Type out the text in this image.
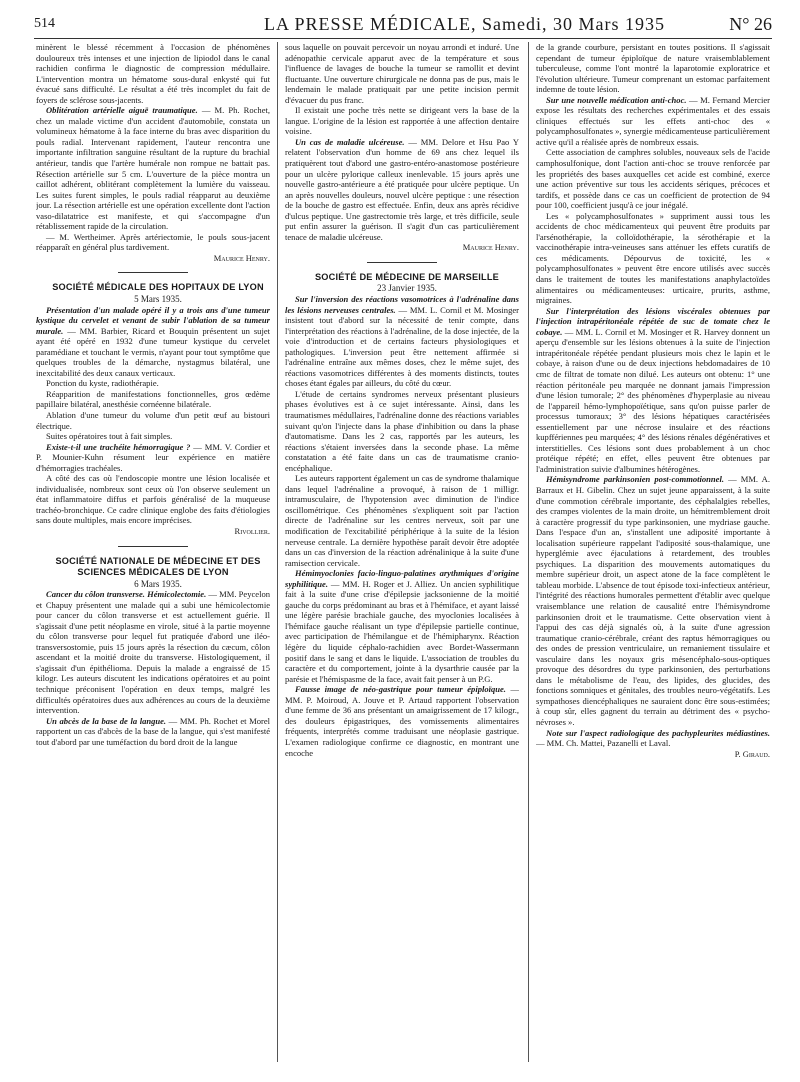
514	LA PRESSE MÉDICALE, Samedi, 30 Mars 1935	N° 26

minèrent le blessé récemment à l'occasion de phénomènes douloureux très intenses et une injection de lipiodol dans le canal rachidien confirma le diagnostic de compression médullaire. L'intervention montra un hématome sous-dural enkysté qui fut évacué sans difficulté. Le résultat a été très incomplet du fait de foyers de sclérose sous-jacents.

Oblitération artérielle aiguë traumatique. — M. Ph. Rochet, chez un malade victime d'un accident d'automobile, constata un volumineux hématome à la face interne du bras avec disparition du pouls radial. Intervenant rapidement, l'auteur rencontra une importante infiltration sanguine résultant de la rupture du brachial antérieur, tandis que l'artère humérale non rompue ne battait pas. Résection artérielle sur 5 cm. L'ouverture de la pièce montra un caillot adhérent, oblitérant complètement la lumière du vaisseau. Les suites furent simples, le pouls radial réapparut au deuxième jour. La résection artérielle est une opération excellente dont l'action vaso-dilatatrice est manifeste, et qui s'accompagne d'un rétablissement rapide de la circulation.

— M. Wertheimer. Après artériectomie, le pouls sous-jacent réapparaît en général plus tardivement.

Maurice Henry.

SOCIÉTÉ MÉDICALE DES HOPITAUX DE LYON

5 Mars 1935.

Présentation d'un malade opéré il y a trois ans d'une tumeur kystique du cervelet et venant de subir l'ablation de sa tumeur murale. — MM. Barbier, Ricard et Bouquin présentent un sujet ayant été opéré en 1932 d'une tumeur kystique du cervelet paramédiane et touchant le vermis, n'ayant pour tout symptôme que quelques troubles de la démarche, nystagmus bilatéral, une inexcitabilité des deux canaux verticaux.

Ponction du kyste, radiothérapie.

Réapparition de manifestations fonctionnelles, gros œdème papillaire bilatéral, anesthésie cornéenne bilatérale.

Ablation d'une tumeur du volume d'un petit œuf au bistouri électrique.

Suites opératoires tout à fait simples.

Existe-t-il une trachéite hémorragique ? — MM. V. Cordier et P. Mounier-Kuhn résument leur expérience en matière d'hémorragies trachéales.

A côté des cas où l'endoscopie montre une lésion localisée et individualisée, nombreux sont ceux où l'on observe seulement un état inflammatoire diffus et parfois généralisé de la muqueuse trachéo-bronchique. Ce cadre clinique englobe des faits d'étiologies sans doute multiples, mais encore imprécises.

Rivollier.

SOCIÉTÉ NATIONALE DE MÉDECINE ET DES SCIENCES MÉDICALES DE LYON

6 Mars 1935.

Cancer du côlon transverse. Hémicolectomie. — MM. Peycelon et Chapuy présentent une malade qui a subi une hémicolectomie pour cancer du côlon transverse et est actuellement guérie. Il s'agissait d'une petit néoplasme en virole, situé à la partie moyenne du côlon transverse pour lequel fut pratiquée d'abord une iléo-transversostomie, puis 15 jours après la résection du cæcum, côlon ascendant et la moitié droite du transverse. Histologiquement, il s'agissait d'un épithélioma. Depuis la malade a engraissé de 15 kilogr. Les auteurs discutent les indications opératoires et au point technique préconisent l'opération en deux temps, malgré les difficultés opératoires dues aux adhérences au cours de la deuxième intervention.

Un abcès de la base de la langue. — MM. Ph. Rochet et Morel rapportent un cas d'abcès de la base de la langue, qui s'est manifesté tout d'abord par une tuméfaction du bord droit de la langue

sous laquelle on pouvait percevoir un noyau arrondi et induré. Une adénopathie cervicale apparut avec de la température et sous l'influence de lavages de bouche la tumeur se ramollit et devint fluctuante. Une ouverture chirurgicale ne donna pas de pus, mais le lendemain le malade pratiquait par une petite incision permit d'évacuer du pus franc.

Il existait une poche très nette se dirigeant vers la base de la langue. L'origine de la lésion est rapportée à une affection dentaire voisine.

Un cas de maladie ulcéreuse. — MM. Delore et Hsu Pao Y relatent l'observation d'un homme de 69 ans chez lequel ils pratiquèrent tout d'abord une gastro-entéro-anastomose postérieure pour un ulcère pylorique calleux inenlevable. 15 jours après une nouvelle gastro-antérieure a été pratiquée pour ulcère peptique. Un an après nouvelles douleurs, nouvel ulcère peptique : une résection de la bouche de gastro est effectuée. Enfin, deux ans après récidive d'ulcus peptique. Une gastrectomie très large, et très difficile, seule put enfin assurer la guérison. Il s'agit d'un cas particulièrement tenace de maladie ulcéreuse.

Maurice Henry.

SOCIÉTÉ DE MÉDECINE DE MARSEILLE

23 Janvier 1935.

Sur l'inversion des réactions vasomotrices à l'adrénaline dans les lésions nerveuses centrales. — MM. L. Cornil et M. Mosinger insistent tout d'abord sur la nécessité de tenir compte, dans l'interprétation des réactions à l'adrénaline, de la dose injectée, de la voie d'introduction et de certains facteurs physiologiques et pathologiques. L'inversion peut être nettement affirmée si l'adrénaline entraîne aux mêmes doses, chez le même sujet, des réactions vasomotrices différentes à des moments distincts, toutes choses étant égales par ailleurs, du côté du cœur.

L'étude de certains syndromes nerveux présentant plusieurs phases évolutives est à ce sujet intéressante. Ainsi, dans les traumatismes médullaires, l'adrénaline donne des réactions variables suivant qu'on l'injecte dans la phase d'inhibition ou dans la phase d'automatisme. Dans les 2 cas, rapportés par les auteurs, les réactions s'étaient inversées dans la seconde phase. La même constatation a été faite dans un cas de traumatisme cranio-encéphalique.

Les auteurs rapportent également un cas de syndrome thalamique dans lequel l'adrénaline a provoqué, à raison de 1 milligr. intramusculaire, de l'hypotension avec diminution de l'indice oscillométrique. Ces phénomènes s'expliquent soit par l'action directe de l'adrénaline sur les centres nerveux, soit par une modification de l'excitabilité périphérique à la suite de la lésion nerveuse centrale. La dernière hypothèse paraît devoir être adoptée dans un cas d'inversion de la réaction adrénalinique à la suite d'une ramisection cervicale.

Hémimyoclonies facio-linguo-palatines arythmiques d'origine syphilitique. — MM. H. Roger et J. Alliez. Un ancien syphilitique fait à la suite d'une crise d'épilepsie jacksonienne de la moitié gauche du corps prédominant au bras et à l'hémiface, et ayant laissé une légère parésie brachiale gauche, des myoclonies localisées à l'hémiface gauche réalisant un type d'épilepsie partielle continue, avec participation de l'hémilangue et de l'hémipharynx. Réaction légère du liquide céphalo-rachidien avec Bordet-Wassermann positif dans le sang et dans le liquide. L'association de troubles du caractère et du comportement, jointe à la dysarthrie causée par la parésie et l'hémispasme de la face, avait fait penser à un P.G.

Fausse image de néo-gastrique pour tumeur épiploïque. — MM. P. Moiroud, A. Jouve et P. Artaud rapportent l'observation d'une femme de 36 ans présentant un amaigrissement de 17 kilogr., des douleurs épigastriques, des vomissements alimentaires fréquents, interprétés comme traduisant une néoplasie gastrique. L'examen radiologique confirme ce diagnostic, en montrant une encoche

de la grande courbure, persistant en toutes positions. Il s'agissait cependant de tumeur épiploïque de nature vraisemblablement tuberculeuse, comme l'ont montré la laparotomie exploratrice et l'évolution ultérieure. Tumeur comprenant un estomac parfaitement indemne de toute lésion.

Sur une nouvelle médication anti-choc. — M. Fernand Mercier expose les résultats des recherches expérimentales et des essais cliniques effectués sur les effets anti-choc des « polycamphosulfonates », synergie médicamenteuse particulièrement active qu'il a réalisée après de nombreux essais.

Cette association de camphres solubles, nouveaux sels de l'acide camphosulfonique, dont l'action anti-choc se trouve renforcée par les propriétés des bases auxquelles cet acide est combiné, exerce une action préventive sur tous les accidents sériques, précoces et tardifs, et possède dans ce cas un coefficient de protection de 94 pour 100, coefficient jusqu'à ce jour inégalé.

Les « polycamphosulfonates » suppriment aussi tous les accidents de choc médicamenteux qui peuvent être produits par l'arsénothérapie, la colloïdothérapie, la sérothérapie et la vaccinothérapie intra-veineuses sans atténuer les effets curatifs de ces médicaments. Dépourvus de toxicité, les « polycamphosulfonates » peuvent être encore utilisés avec succès dans le traitement de toutes les manifestations anaphylactoïdes alimentaires ou médicamenteuses: urticaire, prurits, asthme, migraines.

Sur l'interprétation des lésions viscérales obtenues par l'injection intrapéritonéale répétée de suc de tomate chez le cobaye. — MM. L. Cornil et M. Mosinger et R. Harvey donnent un aperçu d'ensemble sur les lésions obtenues à la suite de l'injection intrapéritonéale répétée pendant plusieurs mois chez le lapin et le cobaye, à raison d'une ou de deux injections hebdomadaires de 10 cmc de filtrat de tomate non dilué. Les auteurs ont obtenu: 1° une réaction péritonéale peu marquée ne donnant jamais l'impression d'une lésion tumorale; 2° des phénomènes d'hyperplasie au niveau de l'appareil hémo-lymphopoïétique, sans qu'on puisse parler de processus tumoraux; 3° des lésions hépatiques caractérisées essentiellement par une nécrose insulaire et des réactions kupffériennes peu marquées; 4° des lésions rénales dégénératives et interstitielles. Ces lésions sont dues probablement à un choc protéique répété; en effet, elles peuvent être obtenues par l'administration suivie d'albumines hétérogènes.

Hémisyndrome parkinsonien post-commotionnel. — MM. A. Barraux et H. Gibelin. Chez un sujet jeune apparaissent, à la suite d'une commotion cérébrale importante, des céphalalgies rebelles, des crampes violentes de la main droite, un hémitremblement droit à caractère progressif du type parkinsonien, une mydriase gauche. Dans l'espace d'un an, s'installent une adiposité importante à localisation supérieure rappelant l'adiposité sous-thalamique, une hyperglémie avec éjaculations à retardement, des troubles psychiques. La disparition des mouvements automatiques du membre supérieur droit, un aspect atone de la face complètent le tableau morbide. L'absence de tout épisode toxi-infectieux antérieur, l'intégrité des réactions humorales permettent d'établir avec quelque vraisemblance une relation de causalité entre l'hémisyndrome parkinsonien droit et le traumatisme. Cette observation vient à l'appui des cas déjà signalés où, à la suite d'une agression traumatique cranio-cérébrale, créant des raptus hémorragiques ou des ondes de pression ventriculaire, un remaniement tissulaire et vasculaire dans les noyaux gris mésencéphalo-sous-optiques provoque des désordres du type parkinsonien, des perturbations dans le métabolisme de l'eau, des lipides, des glucides, des fonctions somniques et génitales, des troubles neuro-végétatifs. Les sympathoses diencéphaliques ne sauraient donc être sous-estimées; à coup sûr, elles gagnent du terrain au détriment des « psycho-névroses ».

Note sur l'aspect radiologique des pachypleurites médiastines. — MM. Ch. Mattei, Pazanelli et Laval.

P. Giraud.
